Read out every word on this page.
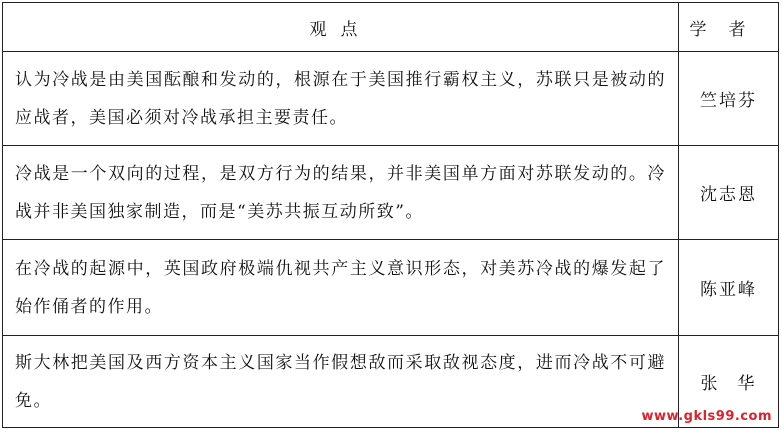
观点	学者
认为冷战是由美国酝酿和发动的，根源在于美国推行霸权主义，苏联只是被动的应战者，美国必须对冷战承担主要责任。	竺培芬
冷战是一个双向的过程，是双方行为的结果，并非美国单方面对苏联发动的。冷战并非美国独家制造，而是“美苏共振互动所致”。	沈志恩
在冷战的起源中，英国政府极端仇视共产主义意识形态，对美苏冷战的爆发起了始作俑者的作用。	陈亚峰
斯大林把美国及西方资本主义国家当作假想敌而采取敌视态度，进而冷战不可避免。	张华
www.gkls99.com
